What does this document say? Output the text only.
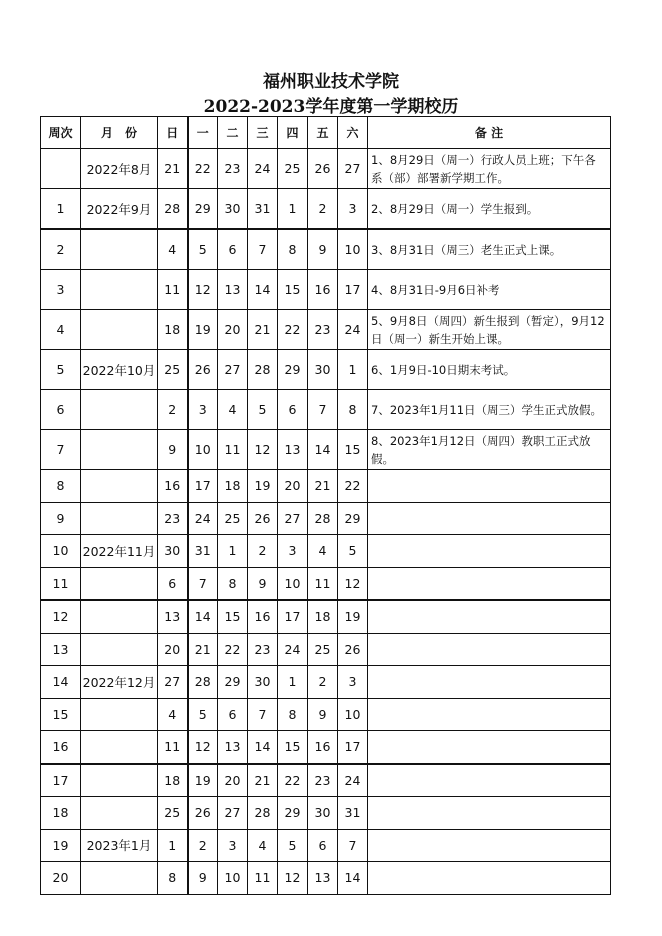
福州职业技术学院
2022-2023学年度第一学期校历
周次	月　份	日	一	二	三	四	五	六	备 注
	2022年8月	21	22	23	24	25	26	27	1、8月29日（周一）行政人员上班；下午各系（部）部署新学期工作。
1	2022年9月	28	29	30	31	1	2	3	2、8月29日（周一）学生报到。
2		4	5	6	7	8	9	10	3、8月31日（周三）老生正式上课。
3		11	12	13	14	15	16	17	4、8月31日-9月6日补考
4		18	19	20	21	22	23	24	5、9月8日（周四）新生报到（暂定），9月12日（周一）新生开始上课。
5	2022年10月	25	26	27	28	29	30	1	6、1月9日-10日期末考试。
6		2	3	4	5	6	7	8	7、2023年1月11日（周三）学生正式放假。
7		9	10	11	12	13	14	15	8、2023年1月12日（周四）教职工正式放假。
8		16	17	18	19	20	21	22	
9		23	24	25	26	27	28	29	
10	2022年11月	30	31	1	2	3	4	5	
11		6	7	8	9	10	11	12	
12		13	14	15	16	17	18	19	
13		20	21	22	23	24	25	26	
14	2022年12月	27	28	29	30	1	2	3	
15		4	5	6	7	8	9	10	
16		11	12	13	14	15	16	17	
17		18	19	20	21	22	23	24	
18		25	26	27	28	29	30	31	
19	2023年1月	1	2	3	4	5	6	7	
20		8	9	10	11	12	13	14	
